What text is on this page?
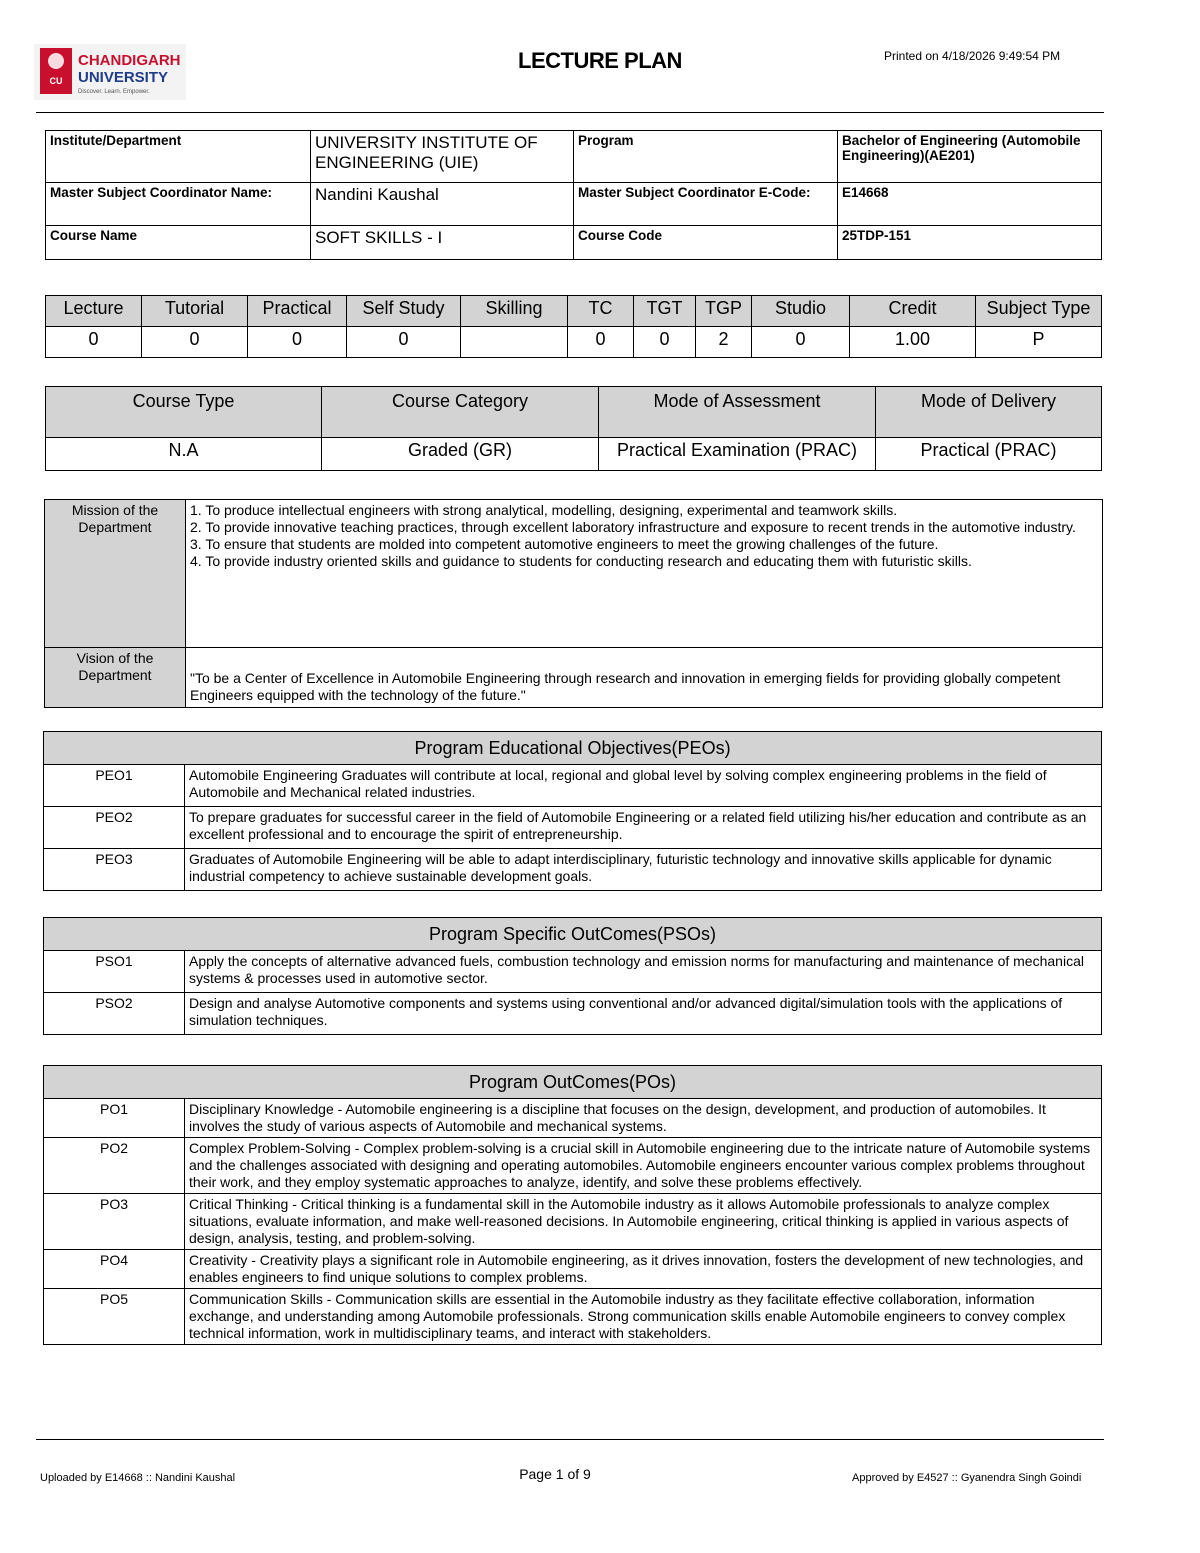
CU
CHANDIGARH
UNIVERSITY
Discover. Learn. Empower.
LECTURE PLAN	Printed on 4/18/2026 9:49:54 PM
Institute/Department	UNIVERSITY INSTITUTE OF ENGINEERING (UIE)	Program	Bachelor of Engineering (Automobile Engineering)(AE201)
Master Subject Coordinator Name:	Nandini Kaushal	Master Subject Coordinator E-Code:	E14668
Course Name	SOFT SKILLS - I	Course Code	25TDP-151
Lecture	Tutorial	Practical	Self Study	Skilling	TC	TGT	TGP	Studio	Credit	Subject Type
0	0	0	0		0	0	2	0	1.00	P
Course Type	Course Category	Mode of Assessment	Mode of Delivery
N.A	Graded (GR)	Practical Examination (PRAC)	Practical (PRAC)
Mission of the Department	1. To produce intellectual engineers with strong analytical, modelling, designing, experimental and teamwork skills.
2. To provide innovative teaching practices, through excellent laboratory infrastructure and exposure to recent trends in the automotive industry.
3. To ensure that students are molded into competent automotive engineers to meet the growing challenges of the future.
4. To provide industry oriented skills and guidance to students for conducting research and educating them with futuristic skills.

Vision of the Department	"To be a Center of Excellence in Automobile Engineering through research and innovation in emerging fields for providing globally competent Engineers equipped with the technology of the future."
Program Educational Objectives(PEOs)	
PEO1	Automobile Engineering Graduates will contribute at local, regional and global level by solving complex engineering problems in the field of Automobile and Mechanical related industries.
PEO2	To prepare graduates for successful career in the field of Automobile Engineering or a related field utilizing his/her education and contribute as an excellent professional and to encourage the spirit of entrepreneurship.
PEO3	Graduates of Automobile Engineering will be able to adapt interdisciplinary, futuristic technology and innovative skills applicable for dynamic industrial competency to achieve sustainable development goals.
Program Specific OutComes(PSOs)	
PSO1	Apply the concepts of alternative advanced fuels, combustion technology and emission norms for manufacturing and maintenance of mechanical systems & processes used in automotive sector.
PSO2	Design and analyse Automotive components and systems using conventional and/or advanced digital/simulation tools with the applications of simulation techniques.
Program OutComes(POs)	
PO1	Disciplinary Knowledge - Automobile engineering is a discipline that focuses on the design, development, and production of automobiles. It involves the study of various aspects of Automobile and mechanical systems.
PO2	Complex Problem-Solving - Complex problem-solving is a crucial skill in Automobile engineering due to the intricate nature of Automobile systems and the challenges associated with designing and operating automobiles. Automobile engineers encounter various complex problems throughout their work, and they employ systematic approaches to analyze, identify, and solve these problems effectively.
PO3	Critical Thinking - Critical thinking is a fundamental skill in the Automobile industry as it allows Automobile professionals to analyze complex situations, evaluate information, and make well-reasoned decisions. In Automobile engineering, critical thinking is applied in various aspects of design, analysis, testing, and problem-solving.
PO4	Creativity - Creativity plays a significant role in Automobile engineering, as it drives innovation, fosters the development of new technologies, and enables engineers to find unique solutions to complex problems.
PO5	Communication Skills - Communication skills are essential in the Automobile industry as they facilitate effective collaboration, information exchange, and understanding among Automobile professionals. Strong communication skills enable Automobile engineers to convey complex technical information, work in multidisciplinary teams, and interact with stakeholders.
Uploaded by E14668 :: Nandini Kaushal	Page 1 of 9	Approved by E4527 :: Gyanendra Singh Goindi
